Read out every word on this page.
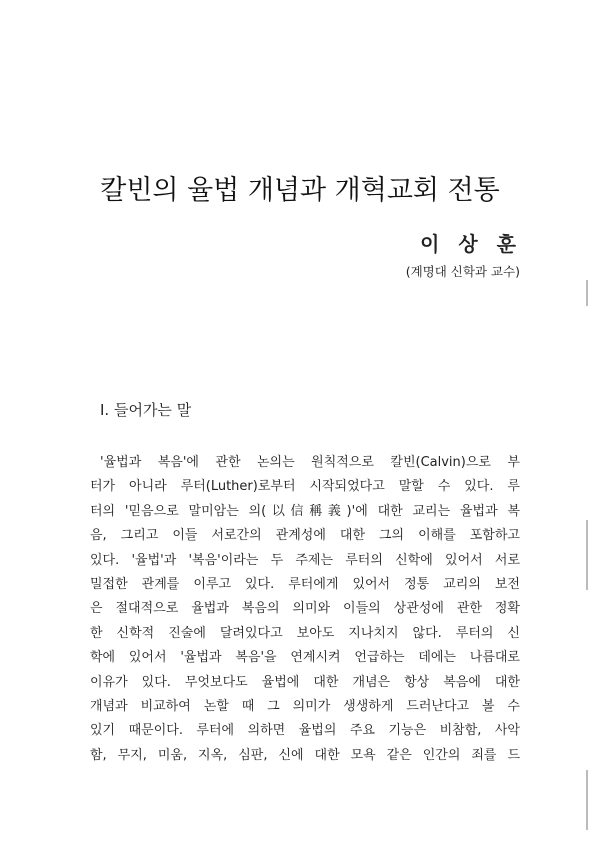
칼빈의 율법 개념과 개혁교회 전통
이 상 훈
(계명대 신학과 교수)
Ⅰ. 들어가는 말
'율법과 복음'에 관한 논의는 원칙적으로 칼빈(Calvin)으로 부
터가 아니라 루터(Luther)로부터 시작되었다고 말할 수 있다. 루
터의 '믿음으로 말미암는 의(以信稱義)'에 대한 교리는 율법과 복
음, 그리고 이들 서로간의 관계성에 대한 그의 이해를 포함하고
있다. '율법'과 '복음'이라는 두 주제는 루터의 신학에 있어서 서로
밀접한 관계를 이루고 있다. 루터에게 있어서 정통 교리의 보전
은 절대적으로 율법과 복음의 의미와 이들의 상관성에 관한 정확
한 신학적 진술에 달려있다고 보아도 지나치지 않다. 루터의 신
학에 있어서 '율법과 복음'을 연계시켜 언급하는 데에는 나름대로
이유가 있다. 무엇보다도 율법에 대한 개념은 항상 복음에 대한
개념과 비교하여 논할 때 그 의미가 생생하게 드러난다고 볼 수
있기 때문이다. 루터에 의하면 율법의 주요 기능은 비참함, 사악
함, 무지, 미움, 지옥, 심판, 신에 대한 모욕 같은 인간의 죄를 드
